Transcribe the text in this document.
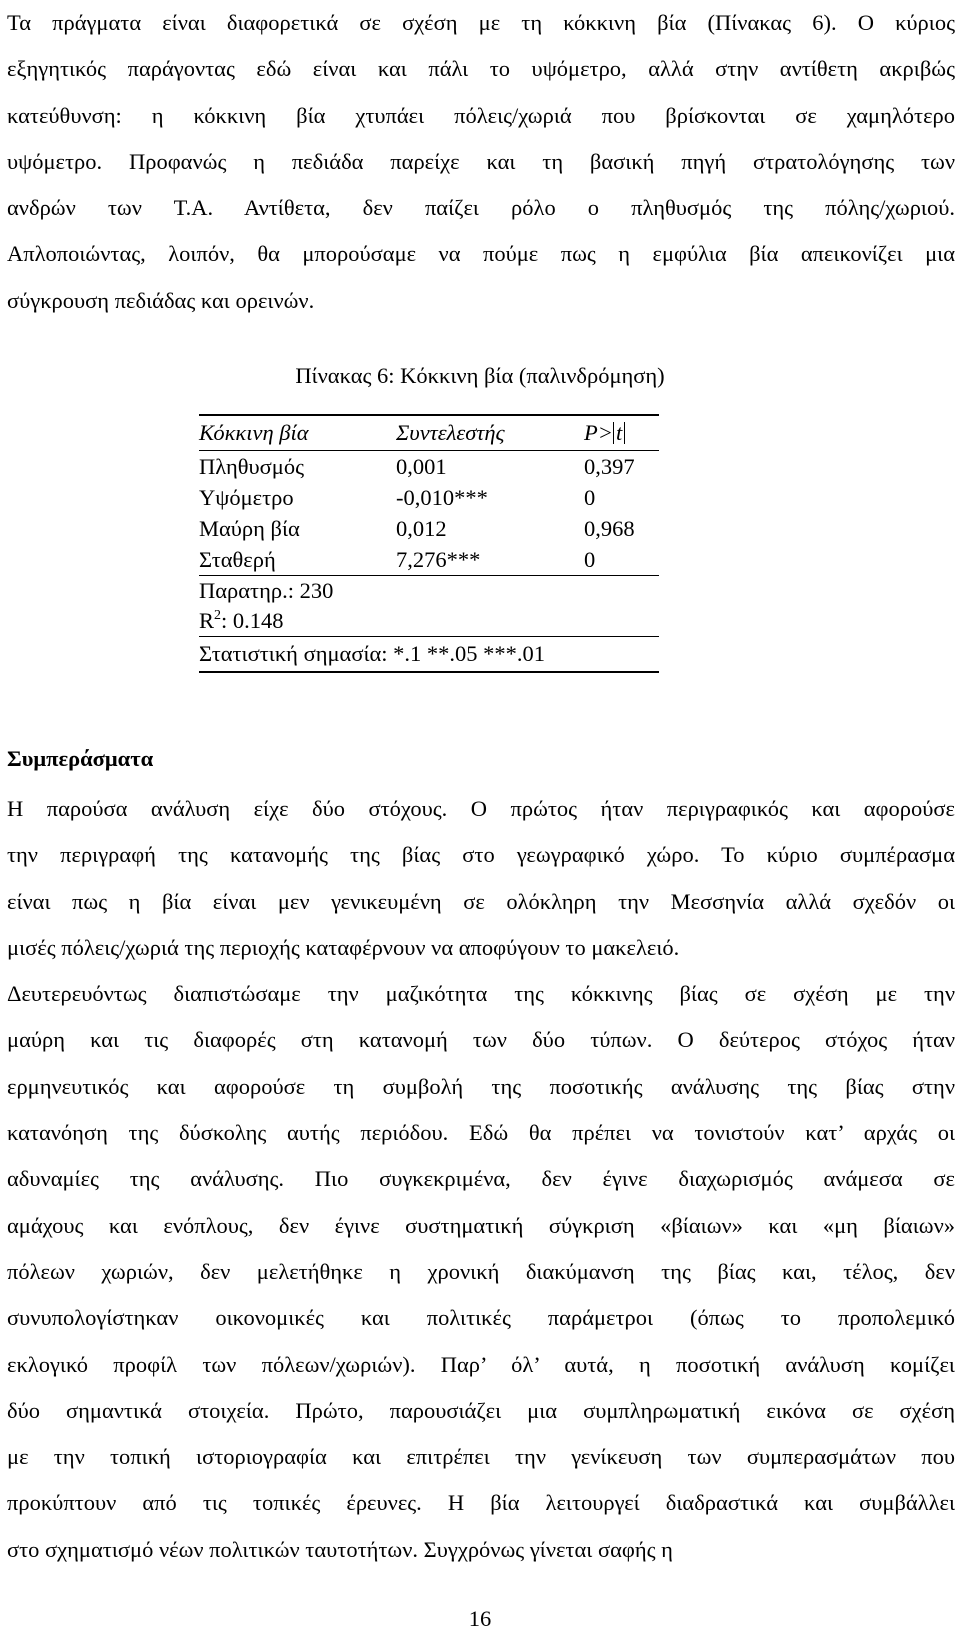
Τα πράγματα είναι διαφορετικά σε σχέση με τη κόκκινη βία (Πίνακας 6). Ο κύριος
εξηγητικός παράγοντας εδώ είναι και πάλι το υψόμετρο, αλλά στην αντίθετη ακριβώς
κατεύθυνση: η κόκκινη βία χτυπάει πόλεις/χωριά που βρίσκονται σε χαμηλότερο
υψόμετρο. Προφανώς η πεδιάδα παρείχε και τη βασική πηγή στρατολόγησης των
ανδρών των Τ.Α. Αντίθετα, δεν παίζει ρόλο ο πληθυσμός της πόλης/χωριού.
Απλοποιώντας, λοιπόν, θα μπορούσαμε να πούμε πως η εμφύλια βία απεικονίζει μια
σύγκρουση πεδιάδας και ορεινών.
Πίνακας 6: Κόκκινη βία (παλινδρόμηση)
Κόκκινη βία	Συντελεστής	P> t
Πληθυσμός	0,001	0,397
Υψόμετρο	-0,010***	0
Μαύρη βία	0,012	0,968
Σταθερή	7,276***	0
Παρατηρ.: 230
$R^2$: 0.148
Στατιστική σημασία: *.1 **.05 ***.01
Συμπεράσματα
Η παρούσα ανάλυση είχε δύο στόχους. Ο πρώτος ήταν περιγραφικός και αφορούσε
την περιγραφή της κατανομής της βίας στο γεωγραφικό χώρο. Το κύριο συμπέρασμα
είναι πως η βία είναι μεν γενικευμένη σε ολόκληρη την Μεσσηνία αλλά σχεδόν οι
μισές πόλεις/χωριά της περιοχής καταφέρνουν να αποφύγουν το μακελειό.
Δευτερευόντως διαπιστώσαμε την μαζικότητα της κόκκινης βίας σε σχέση με την
μαύρη και τις διαφορές στη κατανομή των δύο τύπων. Ο δεύτερος στόχος ήταν
ερμηνευτικός και αφορούσε τη συμβολή της ποσοτικής ανάλυσης της βίας στην
κατανόηση της δύσκολης αυτής περιόδου. Εδώ θα πρέπει να τονιστούν κατ’ αρχάς οι
αδυναμίες της ανάλυσης. Πιο συγκεκριμένα, δεν έγινε διαχωρισμός ανάμεσα σε
αμάχους και ενόπλους, δεν έγινε συστηματική σύγκριση «βίαιων» και «μη βίαιων»
πόλεων χωριών, δεν μελετήθηκε η χρονική διακύμανση της βίας και, τέλος, δεν
συνυπολογίστηκαν οικονομικές και πολιτικές παράμετροι (όπως το προπολεμικό
εκλογικό προφίλ των πόλεων/χωριών). Παρ’ όλ’ αυτά, η ποσοτική ανάλυση κομίζει
δύο σημαντικά στοιχεία. Πρώτο, παρουσιάζει μια συμπληρωματική εικόνα σε σχέση
με την τοπική ιστοριογραφία και επιτρέπει την γενίκευση των συμπερασμάτων που
προκύπτουν από τις τοπικές έρευνες. Η βία λειτουργεί διαδραστικά και συμβάλλει
στο σχηματισμό νέων πολιτικών ταυτοτήτων. Συγχρόνως γίνεται σαφής η
16
